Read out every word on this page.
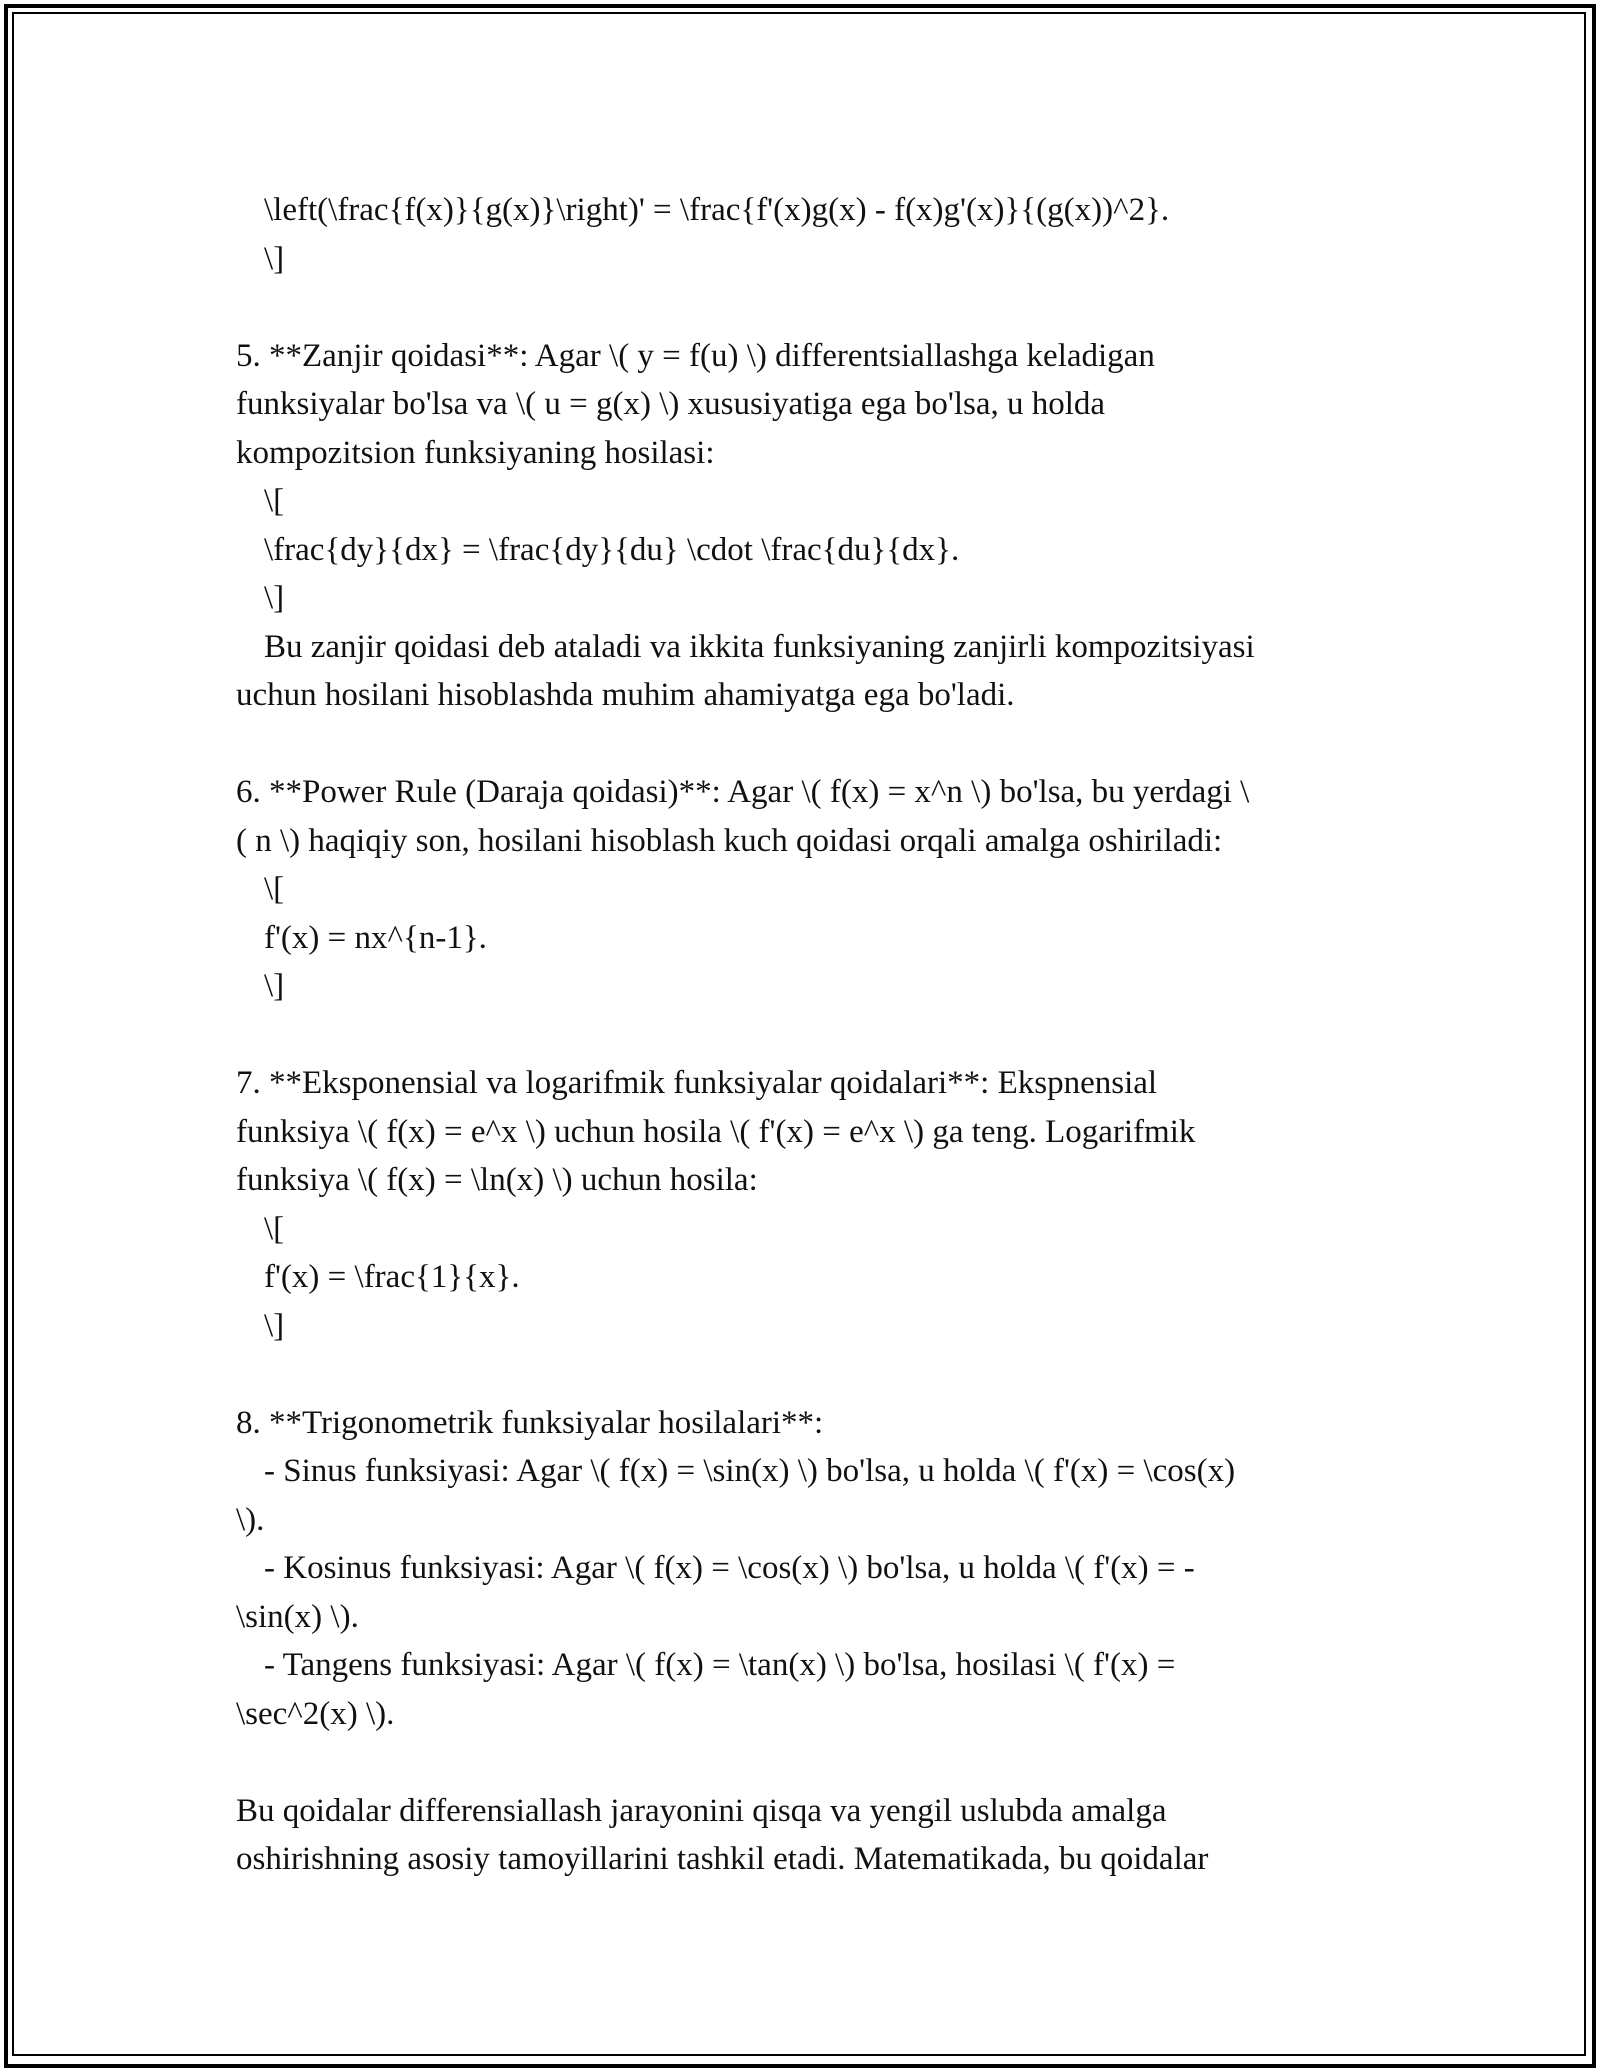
\left(\frac{f(x)}{g(x)}\right)' = \frac{f'(x)g(x) - f(x)g'(x)}{(g(x))^2}.
\]
5. **Zanjir qoidasi**: Agar \( y = f(u) \) differentsiallashga keladigan
funksiyalar bo'lsa va \( u = g(x) \) xususiyatiga ega bo'lsa, u holda
kompozitsion funksiyaning hosilasi:
\[
\frac{dy}{dx} = \frac{dy}{du} \cdot \frac{du}{dx}.
\]
Bu zanjir qoidasi deb ataladi va ikkita funksiyaning zanjirli kompozitsiyasi
uchun hosilani hisoblashda muhim ahamiyatga ega bo'ladi.
6. **Power Rule (Daraja qoidasi)**: Agar \( f(x) = x^n \) bo'lsa, bu yerdagi \
( n \) haqiqiy son, hosilani hisoblash kuch qoidasi orqali amalga oshiriladi:
\[
f'(x) = nx^{n-1}.
\]
7. **Eksponensial va logarifmik funksiyalar qoidalari**: Ekspnensial
funksiya \( f(x) = e^x \) uchun hosila \( f'(x) = e^x \) ga teng. Logarifmik
funksiya \( f(x) = \ln(x) \) uchun hosila:
\[
f'(x) = \frac{1}{x}.
\]
8. **Trigonometrik funksiyalar hosilalari**:
- Sinus funksiyasi: Agar \( f(x) = \sin(x) \) bo'lsa, u holda \( f'(x) = \cos(x)
\).
- Kosinus funksiyasi: Agar \( f(x) = \cos(x) \) bo'lsa, u holda \( f'(x) = -
\sin(x) \).
- Tangens funksiyasi: Agar \( f(x) = \tan(x) \) bo'lsa, hosilasi \( f'(x) =
\sec^2(x) \).
Bu qoidalar differensiallash jarayonini qisqa va yengil uslubda amalga
oshirishning asosiy tamoyillarini tashkil etadi. Matematikada, bu qoidalar
